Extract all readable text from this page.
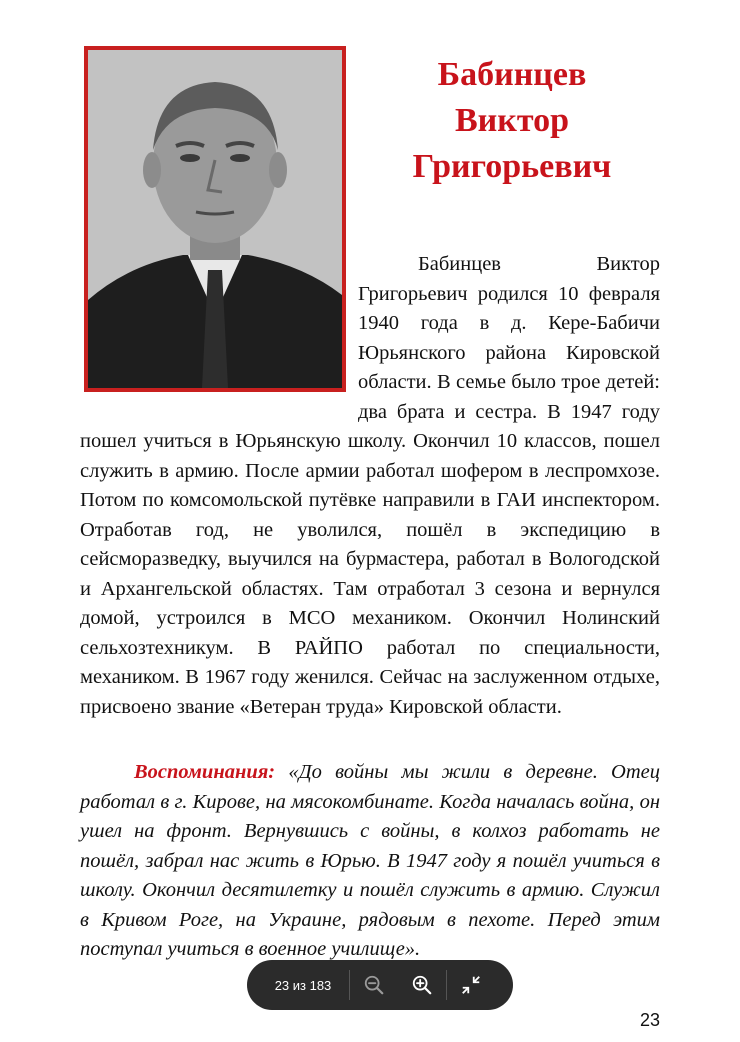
Бабинцев
Виктор
Григорьевич

Бабинцев Виктор Григорьевич родился 10 февраля 1940 года в д. Кере-Бабичи Юрьянского района Кировской области. В семье было трое детей: два брата и сестра. В 1947 году пошел учиться в Юрьянскую школу. Окончил 10 классов, пошел служить в армию. После армии работал шофером в леспромхозе. Потом по комсомольской путёвке направили в ГАИ инспектором. Отработав год, не уволился, пошёл в экспедицию в сейсморазведку, выучился на бурмастера, работал в Вологодской и Архангельской областях. Там отработал 3 сезона и вернулся домой, устроился в МСО механиком. Окончил Нолинский сельхозтехникум. В РАЙПО работал по специальности, механиком. В 1967 году женился. Сейчас на заслуженном отдыхе, присвоено звание «Ветеран труда» Кировской области.

Воспоминания: «До войны мы жили в деревне. Отец работал в г. Кирове, на мясокомбинате. Когда началась война, он ушел на фронт. Вернувшись с войны, в колхоз работать не пошёл, забрал нас жить в Юрью. В 1947 году я пошёл учиться в школу. Окончил десятилетку и пошёл служить в армию. Служил в Кривом Роге, на Украине, рядовым в пехоте. Перед этим поступал учиться в военное училище».

23
23 из 183
